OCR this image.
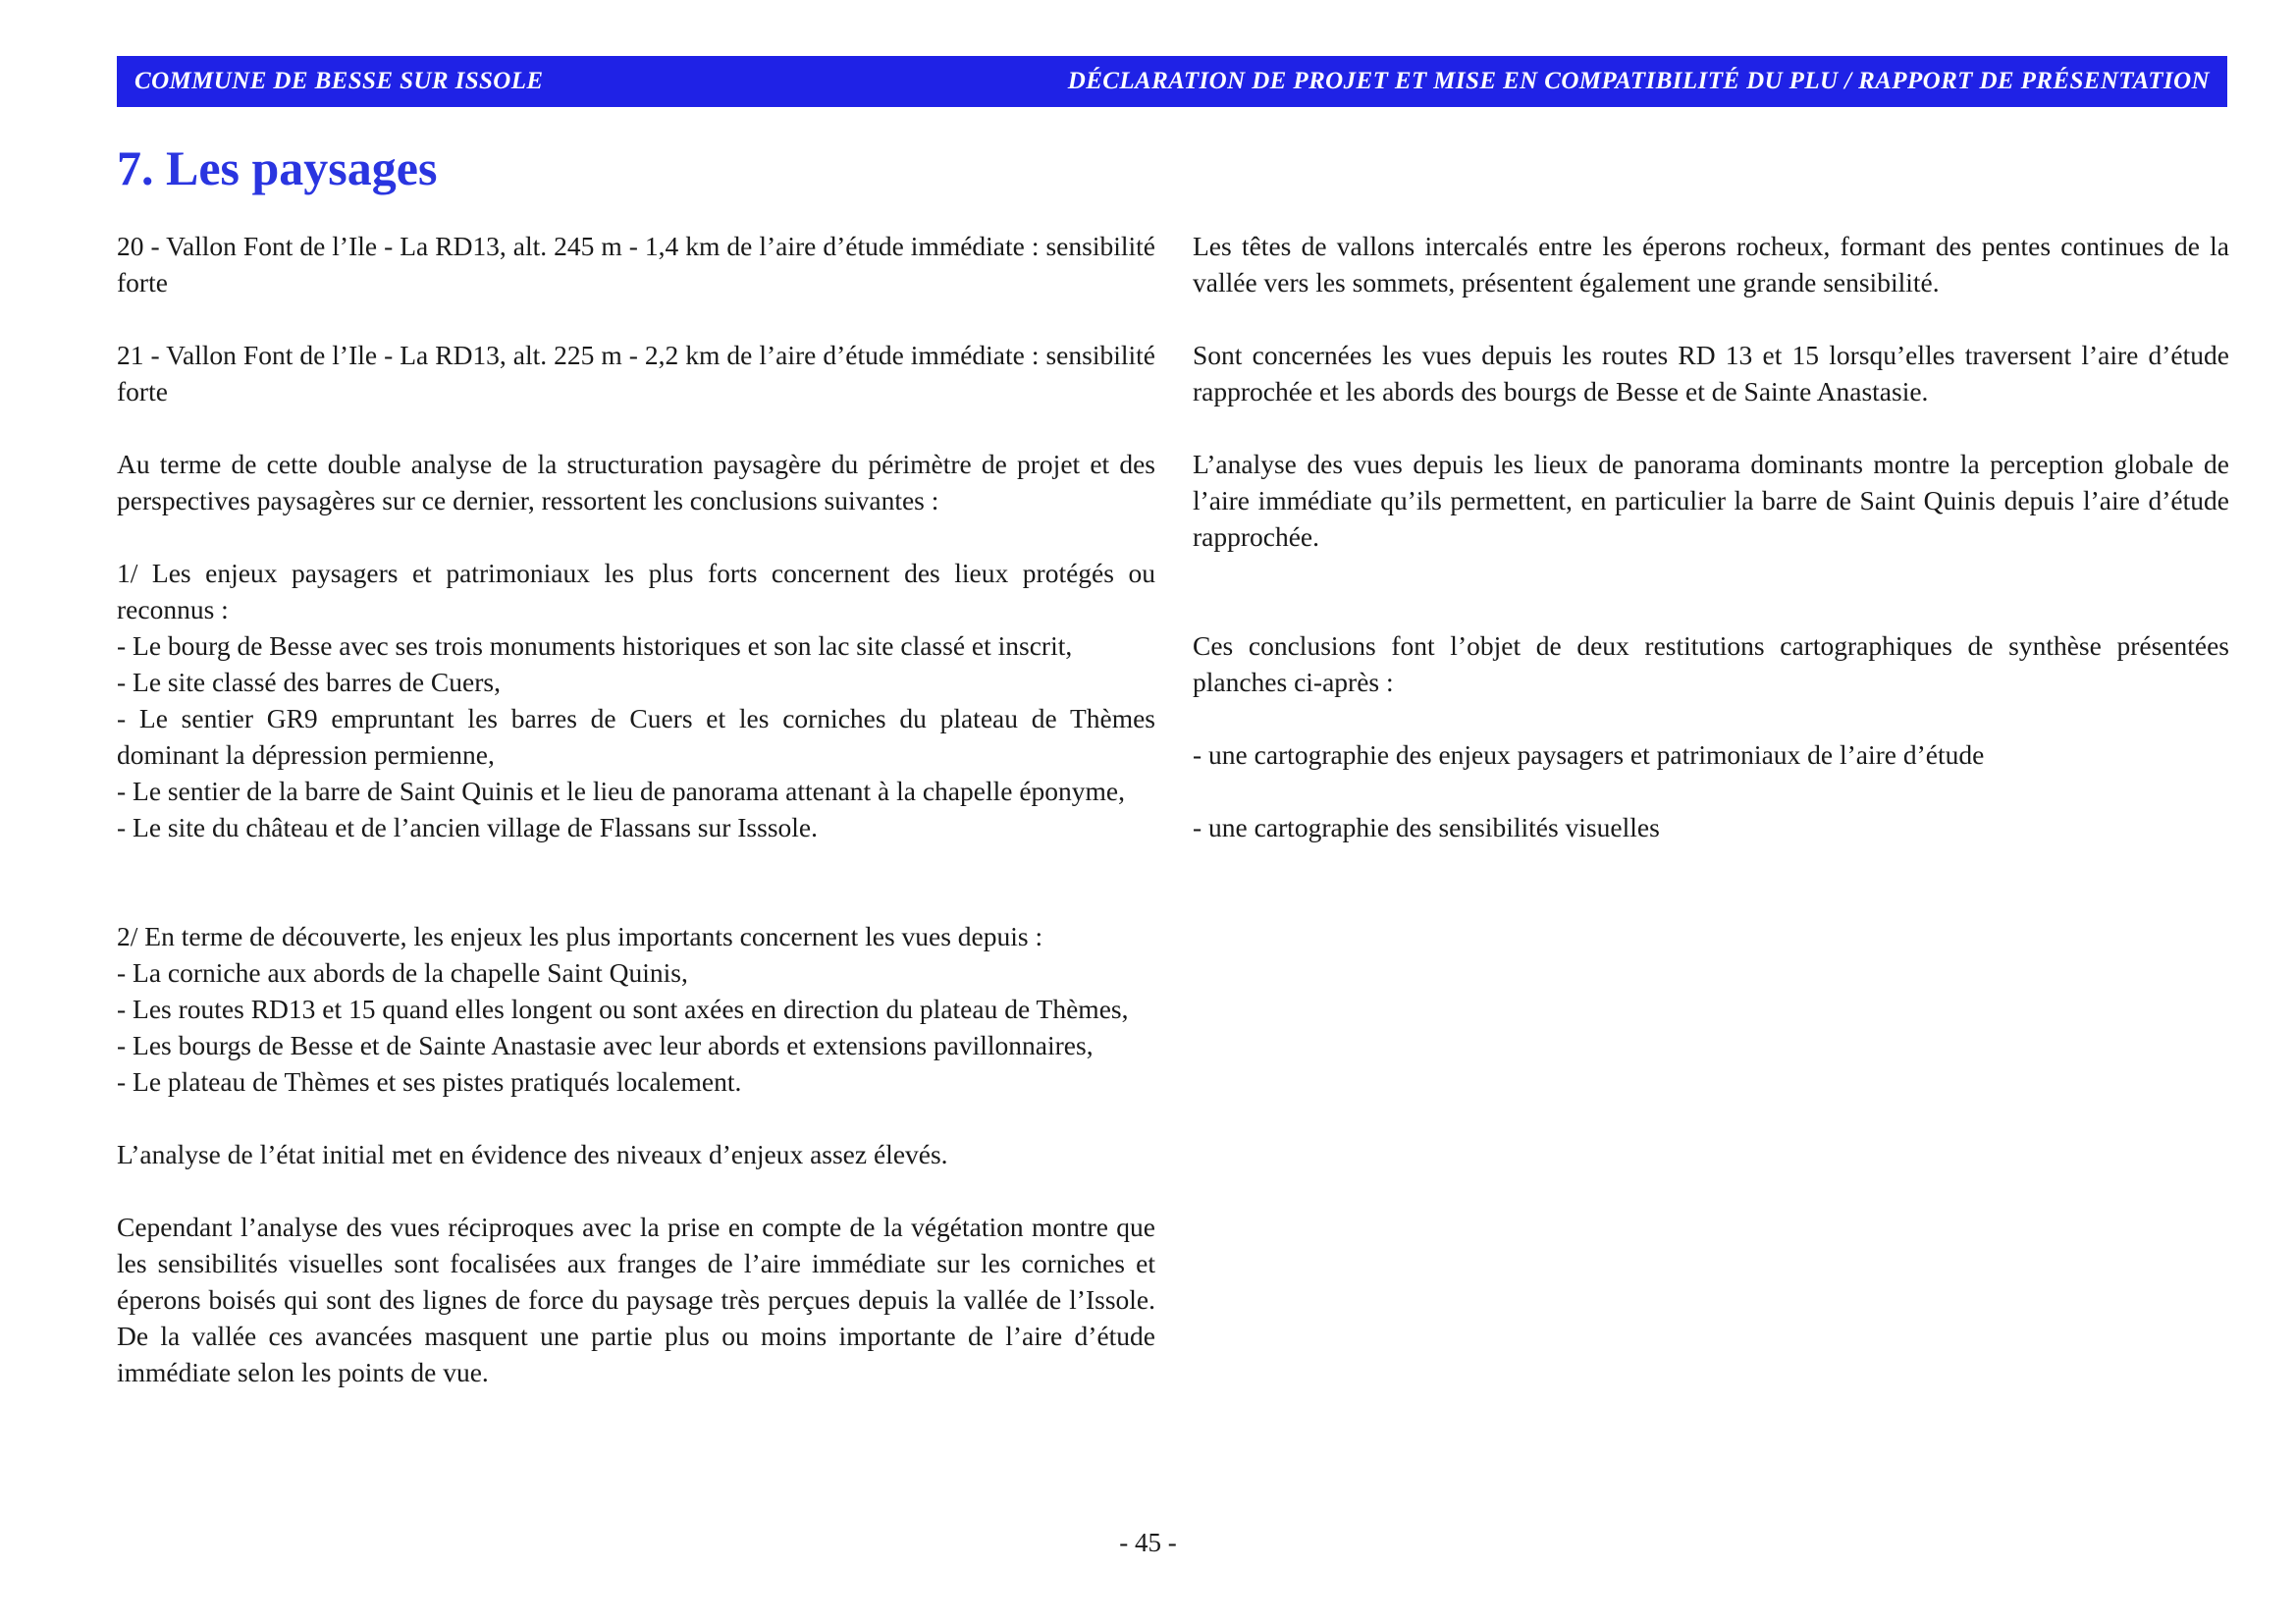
COMMUNE DE BESSE SUR ISSOLE	DÉCLARATION DE PROJET ET MISE EN COMPATIBILITÉ DU PLU / RAPPORT DE PRÉSENTATION
7. Les paysages

20 - Vallon Font de l’Ile - La RD13, alt. 245 m - 1,4 km de l’aire d’étude immédiate : sensibilité forte

21 - Vallon Font de l’Ile - La RD13, alt. 225 m - 2,2 km de l’aire d’étude immédiate : sensibilité forte

Au terme de cette double analyse de la structuration paysagère du périmètre de projet et des perspectives paysagères sur ce dernier, ressortent les conclusions suivantes :

1/ Les enjeux paysagers et patrimoniaux les plus forts concernent des lieux protégés ou reconnus :
- Le bourg de Besse avec ses trois monuments historiques et son lac site classé et inscrit,
- Le site classé des barres de Cuers,
- Le sentier GR9 empruntant les barres de Cuers et les corniches du plateau de Thèmes dominant la dépression permienne,
- Le sentier de la barre de Saint Quinis et le lieu de panorama attenant à la chapelle éponyme,
- Le site du château et de l’ancien village de Flassans sur Isssole.

2/ En terme de découverte, les enjeux les plus importants concernent les vues depuis :
- La corniche aux abords de la chapelle Saint Quinis,
- Les routes RD13 et 15 quand elles longent ou sont axées en direction du plateau de Thèmes,
- Les bourgs de Besse et de Sainte Anastasie avec leur abords et extensions pavillonnaires,
- Le plateau de Thèmes et ses pistes pratiqués localement.

L’analyse de l’état initial met en évidence des niveaux d’enjeux assez élevés.

Cependant l’analyse des vues réciproques avec la prise en compte de la végétation montre que les sensibilités visuelles sont focalisées aux franges de l’aire immédiate sur les corniches et éperons boisés qui sont des lignes de force du paysage très perçues depuis la vallée de l’Issole. De la vallée ces avancées masquent une partie plus ou moins importante de l’aire d’étude immédiate selon les points de vue.

Les têtes de vallons intercalés entre les éperons rocheux, formant des pentes continues de la vallée vers les sommets, présentent également une grande sensibilité.

Sont concernées les vues depuis les routes RD 13 et 15 lorsqu’elles traversent l’aire d’étude rapprochée et les abords des bourgs de Besse et de Sainte Anastasie.

L’analyse des vues depuis les lieux de panorama dominants montre la perception globale de l’aire immédiate qu’ils permettent, en particulier la barre de Saint Quinis depuis l’aire d’étude rapprochée.

Ces conclusions font l’objet de deux restitutions cartographiques de synthèse présentées planches ci-après :

- une cartographie des enjeux paysagers et patrimoniaux de l’aire d’étude

- une cartographie des sensibilités visuelles

- 45 -
